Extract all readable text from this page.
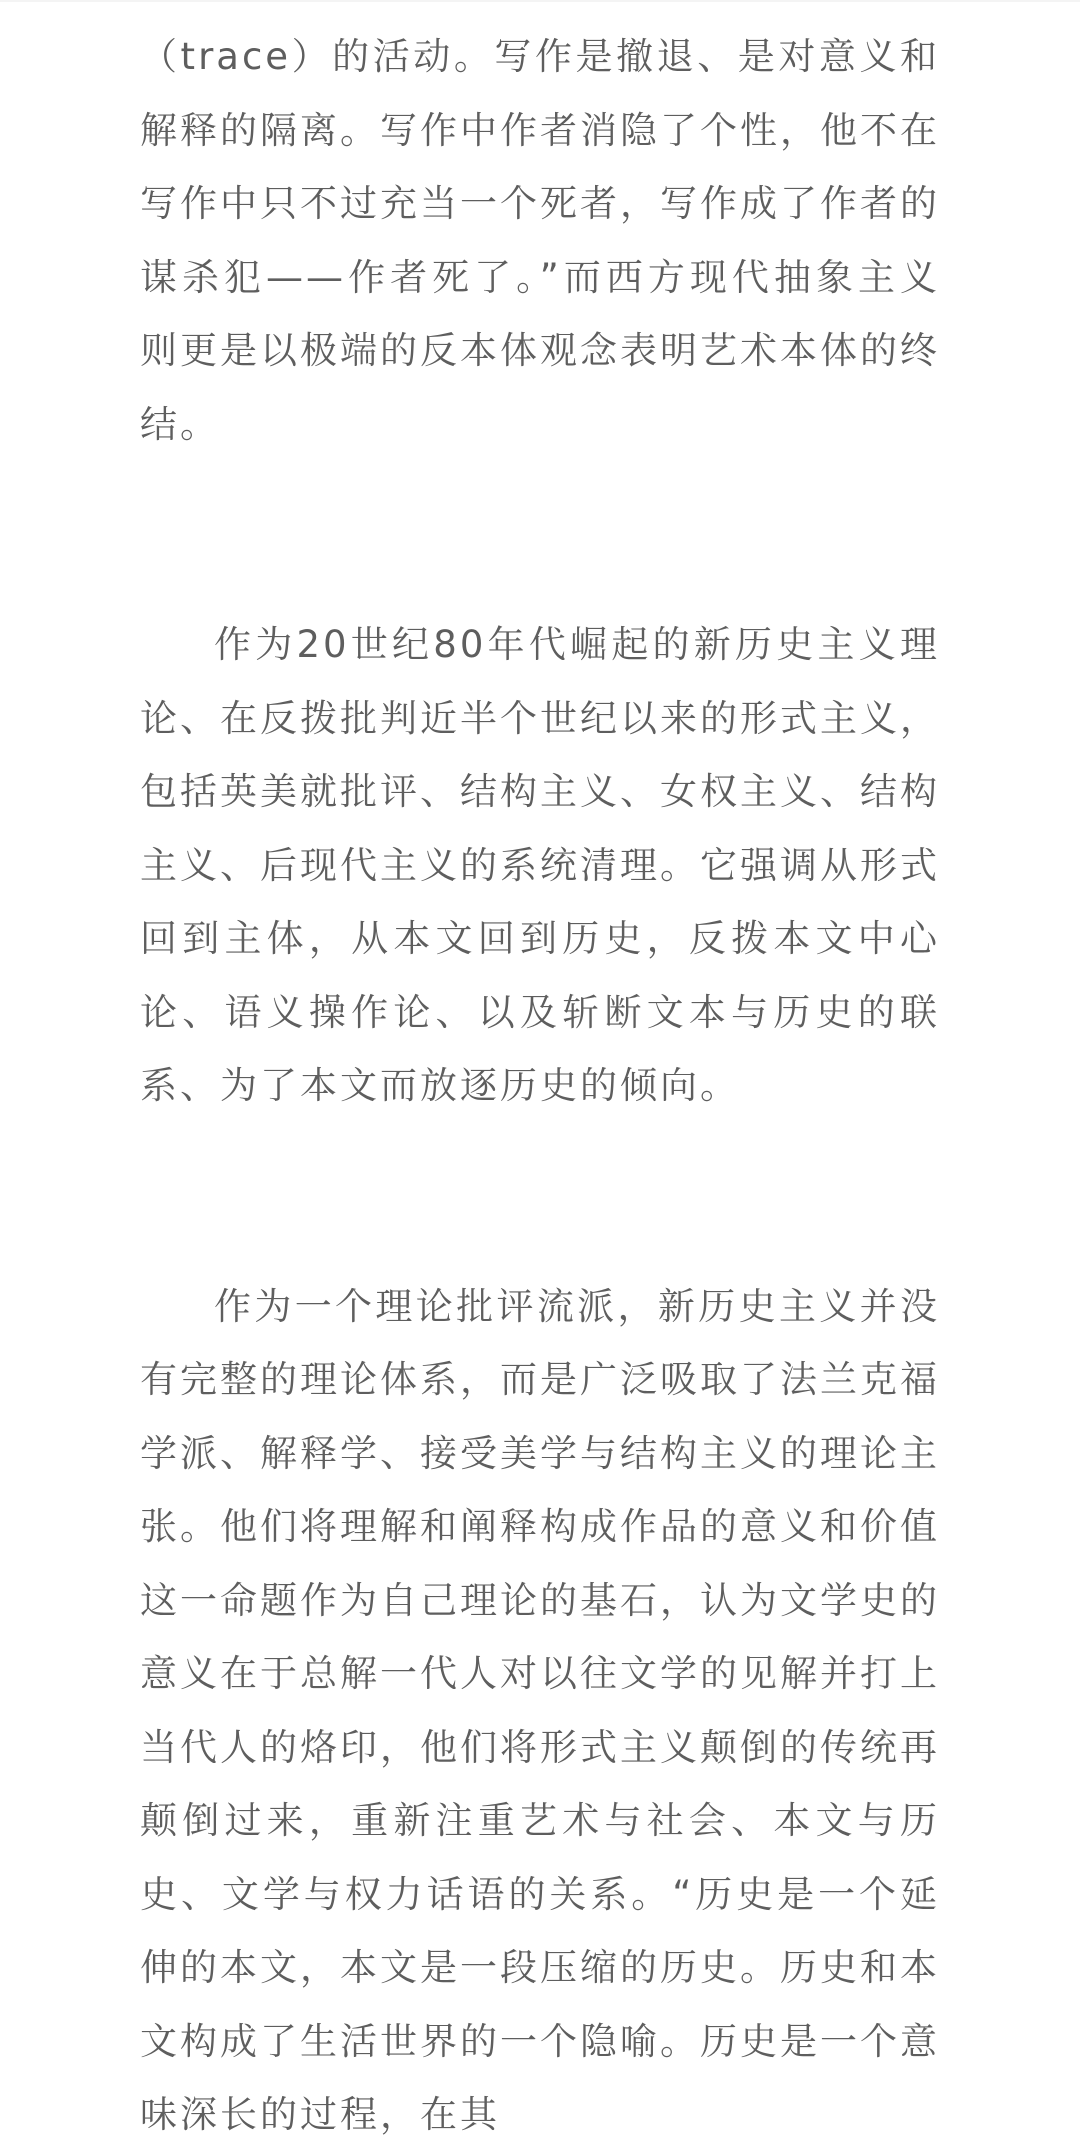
（trace）的活动。写作是撤退、是对意义和解释的隔离。写作中作者消隐了个性，他不在写作中只不过充当一个死者，写作成了作者的谋杀犯——作者死了。”而西方现代抽象主义则更是以极端的反本体观念表明艺术本体的终结。

作为20世纪80年代崛起的新历史主义理论、在反拨批判近半个世纪以来的形式主义，包括英美就批评、结构主义、女权主义、结构主义、后现代主义的系统清理。它强调从形式回到主体，从本文回到历史，反拨本文中心论、语义操作论、以及斩断文本与历史的联系、为了本文而放逐历史的倾向。

作为一个理论批评流派，新历史主义并没有完整的理论体系，而是广泛吸取了法兰克福学派、解释学、接受美学与结构主义的理论主张。他们将理解和阐释构成作品的意义和价值这一命题作为自己理论的基石，认为文学史的意义在于总解一代人对以往文学的见解并打上当代人的烙印，他们将形式主义颠倒的传统再颠倒过来，重新注重艺术与社会、本文与历史、文学与权力话语的关系。“历史是一个延伸的本文，本文是一段压缩的历史。历史和本文构成了生活世界的一个隐喻。历史是一个意味深长的过程，在其
